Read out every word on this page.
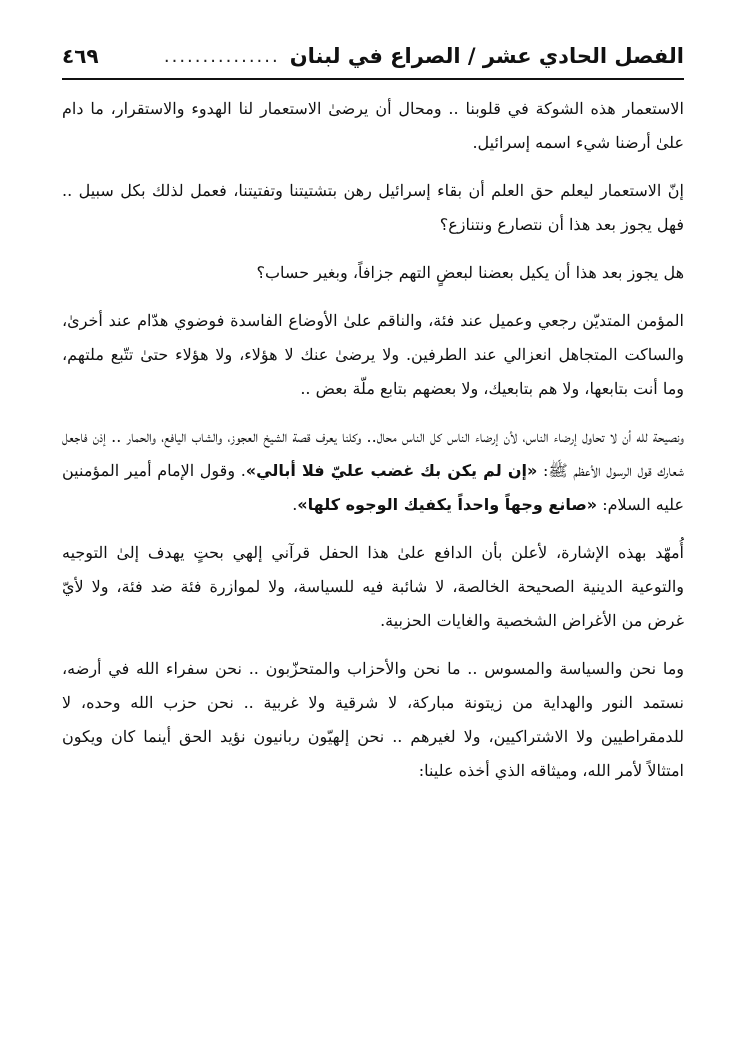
الفصل الحادي عشر / الصراع في لبنان
...............
٤٦٩

الاستعمار هذه الشوكة في قلوبنا .. ومحال أن يرضىٰ الاستعمار لنا الهدوء والاستقرار، ما دام علىٰ أرضنا شيء اسمه إسرائيل.

إنّ الاستعمار ليعلم حق العلم أن بقاء إسرائيل رهن بتشتيتنا وتفتيتنا، فعمل لذلك بكل سبيل .. فهل يجوز بعد هذا أن نتصارع ونتنازع؟

هل يجوز بعد هذا أن يكيل بعضنا لبعضٍ التهم جزافاً، وبغير حساب؟

المؤمن المتديّن رجعي وعميل عند فئة، والناقم علىٰ الأوضاع الفاسدة فوضوي هدّام عند أخرىٰ، والساكت المتجاهل انعزالي عند الطرفين. ولا يرضىٰ عنك لا هؤلاء، ولا هؤلاء حتىٰ تتّبع ملتهم، وما أنت بتابعها، ولا هم بتابعيك، ولا بعضهم بتابع ملّة بعض ..

ونصيحة لله أن لا تحاول إرضاء الناس، لأن إرضاء الناس كل الناس محال.. وكلنا يعرف قصة الشيخ العجوز، والشاب اليافع، والحمار .. إذن فاجعل شعارك قول الرسول الأعظم ﷺ: «إن لم يكن بك غضب عليّ فلا أبالي». وقول الإمام أمير المؤمنين عليه السلام: «صانع وجهاً واحداً يكفيك الوجوه كلها».

أُمهّد بهذه الإشارة، لأعلن بأن الدافع علىٰ هذا الحفل قرآني إلهي بحتٍ يهدف إلىٰ التوجيه والتوعية الدينية الصحيحة الخالصة، لا شائبة فيه للسياسة، ولا لموازرة فئة ضد فئة، ولا لأيّ غرض من الأغراض الشخصية والغايات الحزبية.

وما نحن والسياسة والمسوس .. ما نحن والأحزاب والمتحزّبون .. نحن سفراء الله في أرضه، نستمد النور والهداية من زيتونة مباركة، لا شرقية ولا غربية .. نحن حزب الله وحده، لا للدمقراطيين ولا الاشتراكيين، ولا لغيرهم .. نحن إلهيّون ربانيون نؤيد الحق أينما كان ويكون امتثالاً لأمر الله، وميثاقه الذي أخذه علينا:
